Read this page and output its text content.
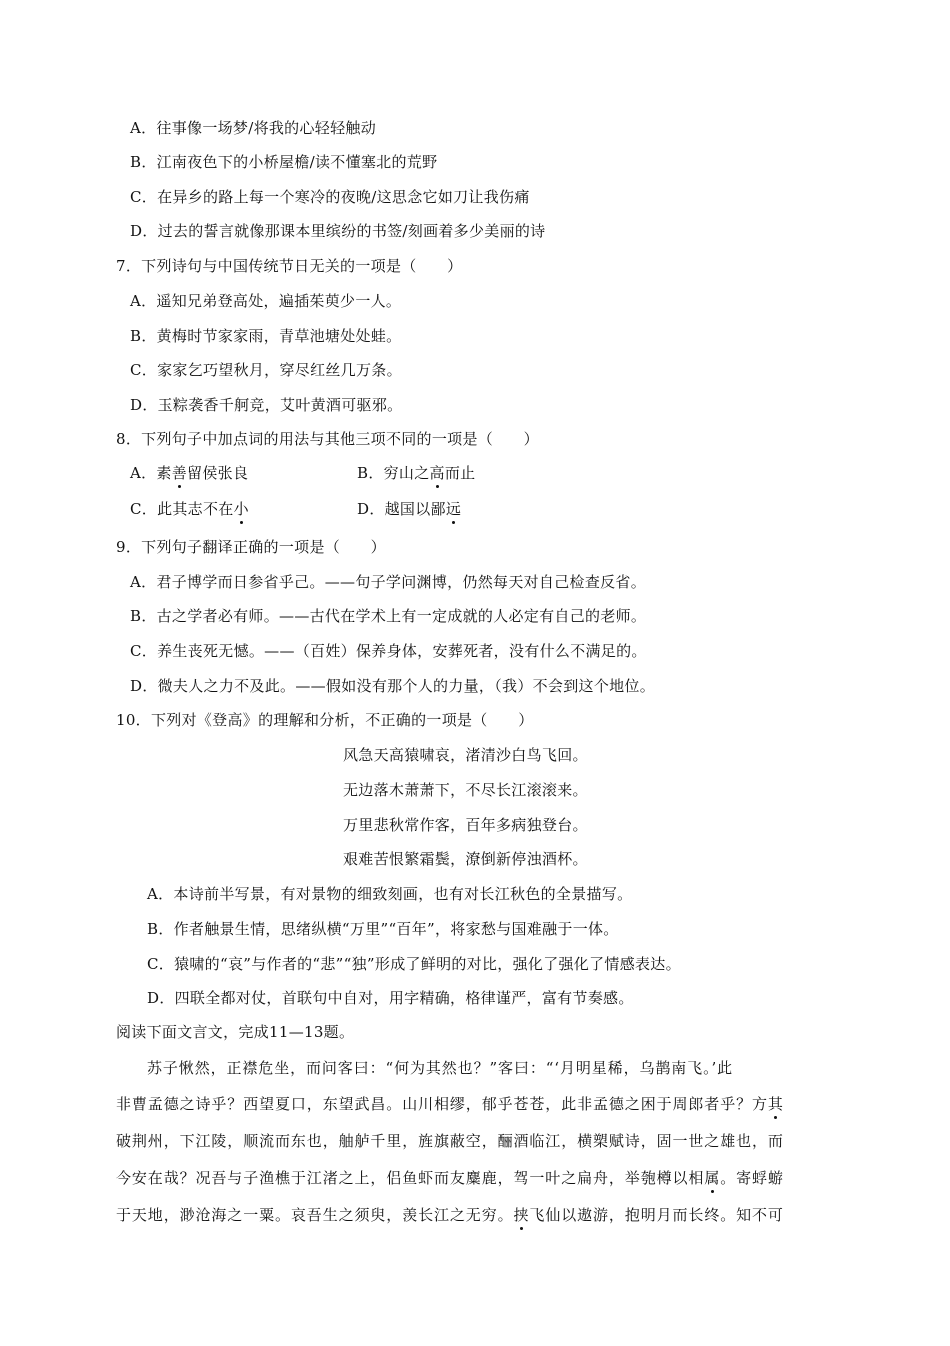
A．往事像一场梦/将我的心轻轻触动
B．江南夜色下的小桥屋檐/读不懂塞北的荒野
C．在异乡的路上每一个寒冷的夜晚/这思念它如刀让我伤痛
D．过去的誓言就像那课本里缤纷的书签/刻画着多少美丽的诗
7．下列诗句与中国传统节日无关的一项是（　　）
A．遥知兄弟登高处，遍插茱萸少一人。
B．黄梅时节家家雨，青草池塘处处蛙。
C．家家乞巧望秋月，穿尽红丝几万条。
D．玉粽袭香千舸竞，艾叶黄酒可驱邪。
8．下列句子中加点词的用法与其他三项不同的一项是（　　）
A．素善留侯张良	B．穷山之高而止
C．此其志不在小	D．越国以鄙远
9．下列句子翻译正确的一项是（　　）
A．君子博学而日参省乎己。——句子学问渊博，仍然每天对自己检查反省。
B．古之学者必有师。——古代在学术上有一定成就的人必定有自己的老师。
C．养生丧死无憾。——（百姓）保养身体，安葬死者，没有什么不满足的。
D．微夫人之力不及此。——假如没有那个人的力量，（我）不会到这个地位。
10．下列对《登高》的理解和分析，不正确的一项是（　　）
风急天高猿啸哀，渚清沙白鸟飞回。
无边落木萧萧下，不尽长江滚滚来。
万里悲秋常作客，百年多病独登台。
艰难苦恨繁霜鬓，潦倒新停浊酒杯。
A．本诗前半写景，有对景物的细致刻画，也有对长江秋色的全景描写。
B．作者触景生情，思绪纵横“万里”“百年”，将家愁与国难融于一体。
C．猿啸的“哀”与作者的“悲”“独”形成了鲜明的对比，强化了强化了情感表达。
D．四联全都对仗，首联句中自对，用字精确，格律谨严，富有节奏感。
阅读下面文言文，完成11—13题。
苏子愀然，正襟危坐，而问客曰：“何为其然也？”客曰：“‘月明星稀，乌鹊南飞。’此
非曹孟德之诗乎？西望夏口，东望武昌。山川相缪，郁乎苍苍，此非孟德之困于周郎者乎？方其
破荆州，下江陵，顺流而东也，舳舻千里，旌旗蔽空，酾酒临江，横槊赋诗，固一世之雄也，而
今安在哉？况吾与子渔樵于江渚之上，侣鱼虾而友麋鹿，驾一叶之扁舟，举匏樽以相属。寄蜉蝣
于天地，渺沧海之一粟。哀吾生之须臾，羡长江之无穷。挟飞仙以遨游，抱明月而长终。知不可
